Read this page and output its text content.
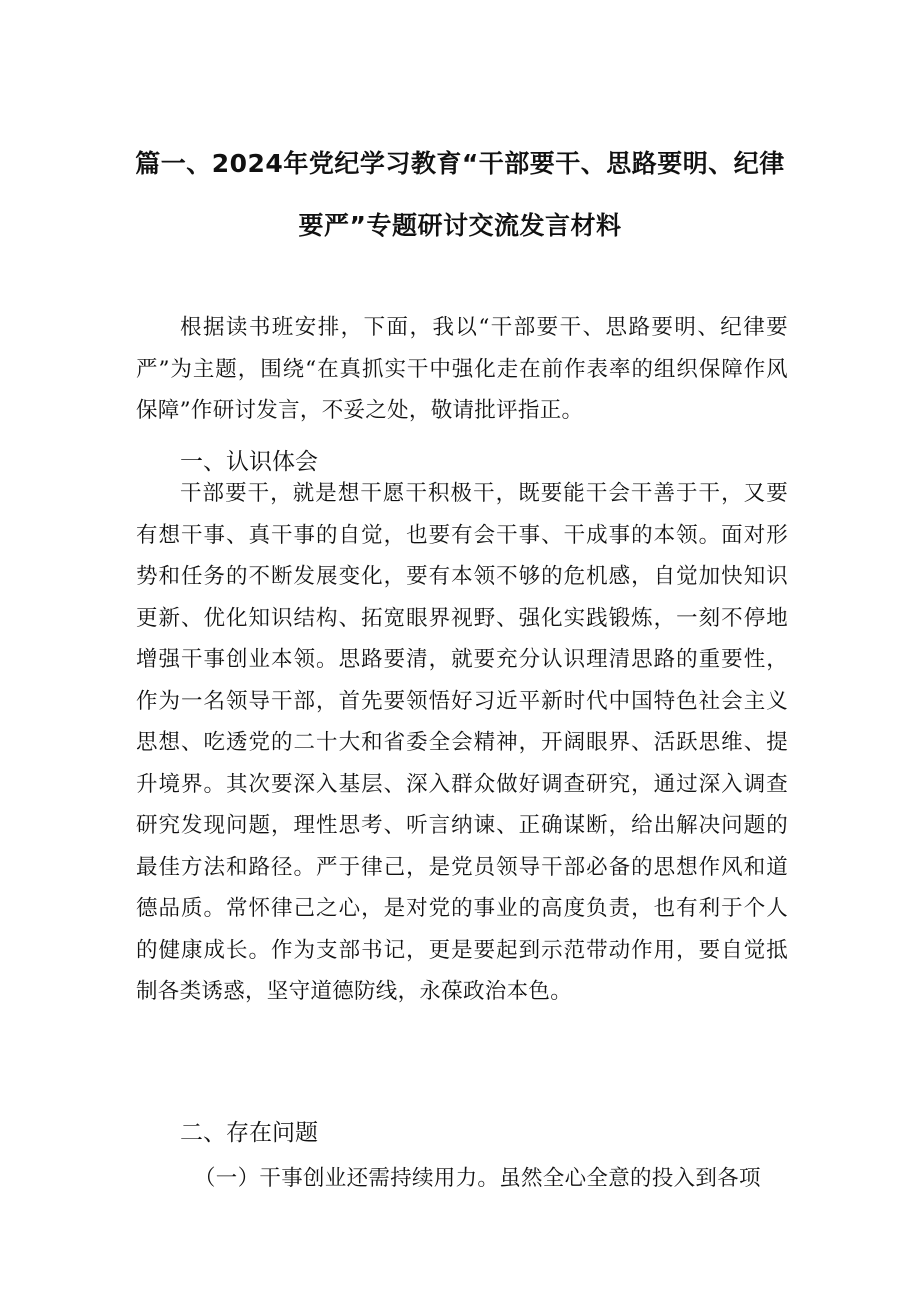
篇一、2024年党纪学习教育“干部要干、思路要明、纪律

要严”专题研讨交流发言材料

根据读书班安排，下面，我以“干部要干、思路要明、纪律要严”为主题，围绕“在真抓实干中强化走在前作表率的组织保障作风保障”作研讨发言，不妥之处，敬请批评指正。

一、认识体会

干部要干，就是想干愿干积极干，既要能干会干善于干，又要有想干事、真干事的自觉，也要有会干事、干成事的本领。面对形势和任务的不断发展变化，要有本领不够的危机感，自觉加快知识更新、优化知识结构、拓宽眼界视野、强化实践锻炼，一刻不停地增强干事创业本领。思路要清，就要充分认识理清思路的重要性，作为一名领导干部，首先要领悟好习近平新时代中国特色社会主义思想、吃透党的二十大和省委全会精神，开阔眼界、活跃思维、提升境界。其次要深入基层、深入群众做好调查研究，通过深入调查研究发现问题，理性思考、听言纳谏、正确谋断，给出解决问题的最佳方法和路径。严于律己，是党员领导干部必备的思想作风和道德品质。常怀律己之心，是对党的事业的高度负责，也有利于个人的健康成长。作为支部书记，更是要起到示范带动作用，要自觉抵制各类诱惑，坚守道德防线，永葆政治本色。

二、存在问题

（一）干事创业还需持续用力。虽然全心全意的投入到各项
